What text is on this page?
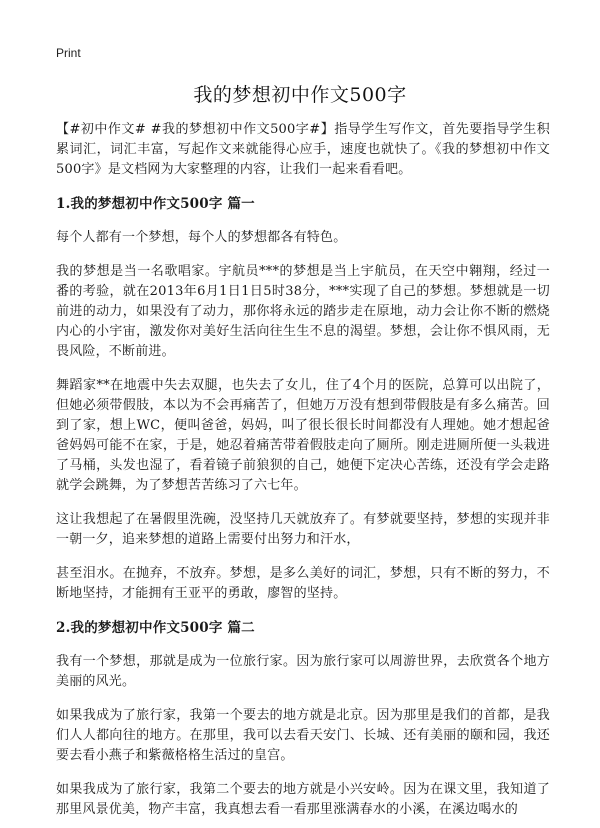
Print
我的梦想初中作文500字

【#初中作文# #我的梦想初中作文500字#】指导学生写作文，首先要指导学生积累词汇，词汇丰富，写起作文来就能得心应手，速度也就快了。《我的梦想初中作文500字》是文档网为大家整理的内容，让我们一起来看看吧。

1.我的梦想初中作文500字 篇一

每个人都有一个梦想，每个人的梦想都各有特色。

我的梦想是当一名歌唱家。宇航员***的梦想是当上宇航员，在天空中翱翔，经过一番的考验，就在2013年6月1日1日5时38分，***实现了自己的梦想。梦想就是一切前进的动力，如果没有了动力，那你将永远的踏步走在原地，动力会让你不断的燃烧内心的小宇宙，激发你对美好生活向往生生不息的渴望。梦想，会让你不惧风雨，无畏风险，不断前进。

舞蹈家**在地震中失去双腿，也失去了女儿，住了4个月的医院，总算可以出院了，但她必须带假肢，本以为不会再痛苦了，但她万万没有想到带假肢是有多么痛苦。回到了家，想上WC，便叫爸爸，妈妈，叫了很长很长时间都没有人理她。她才想起爸爸妈妈可能不在家，于是，她忍着痛苦带着假肢走向了厕所。刚走进厕所便一头栽进了马桶，头发也湿了，看着镜子前狼狈的自己，她便下定决心苦练，还没有学会走路就学会跳舞，为了梦想苦苦练习了六七年。

这让我想起了在暑假里洗碗，没坚持几天就放弃了。有梦就要坚持，梦想的实现并非一朝一夕，追来梦想的道路上需要付出努力和汗水，

甚至泪水。在抛弃，不放弃。梦想，是多么美好的词汇，梦想，只有不断的努力，不断地坚持，才能拥有王亚平的勇敢，廖智的坚持。

2.我的梦想初中作文500字 篇二

我有一个梦想，那就是成为一位旅行家。因为旅行家可以周游世界，去欣赏各个地方美丽的风光。

如果我成为了旅行家，我第一个要去的地方就是北京。因为那里是我们的首都，是我们人人都向往的地方。在那里，我可以去看天安门、长城、还有美丽的颐和园，我还要去看小燕子和紫薇格格生活过的皇宫。

如果我成为了旅行家，我第二个要去的地方就是小兴安岭。因为在课文里，我知道了那里风景优美，物产丰富，我真想去看一看那里涨满春水的小溪，在溪边喝水的
